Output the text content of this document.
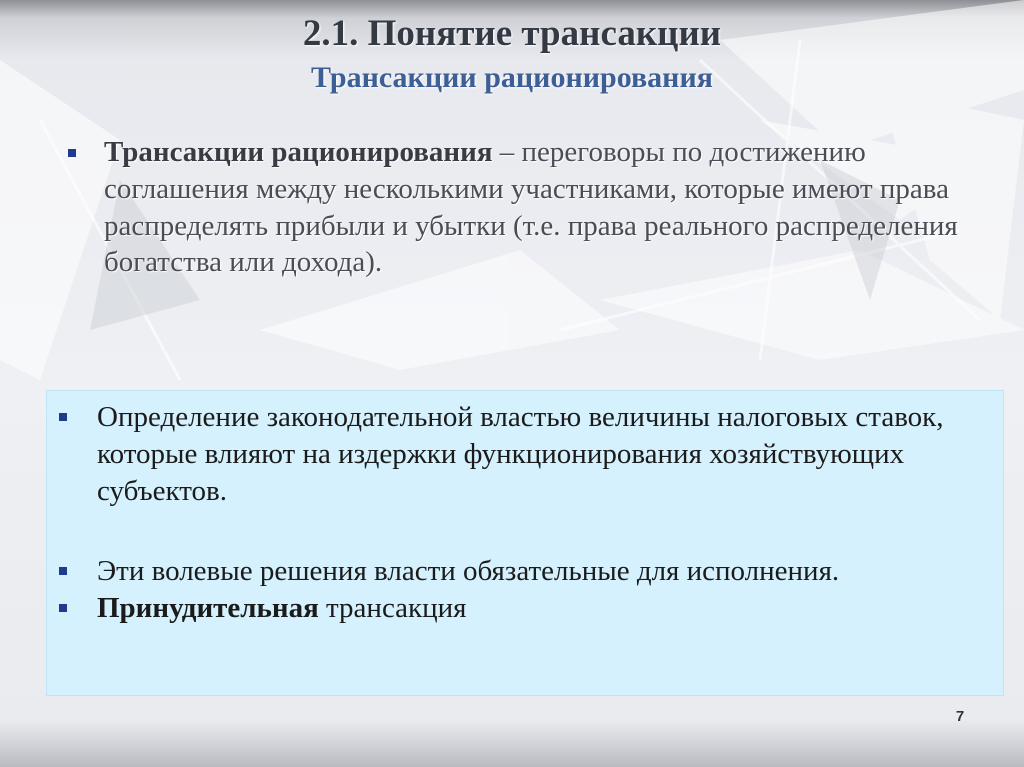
2.1. Понятие трансакции
Трансакции рационирования
Трансакции рационирования – переговоры по достижению соглашения между несколькими участниками, которые имеют права распределять прибыли и убытки (т.е. права реального распределения богатства или дохода).
Определение законодательной властью величины налоговых ставок, которые влияют на издержки функционирования хозяйствующих субъектов.
Эти волевые решения власти обязательные для исполнения.
Принудительная трансакция
7
